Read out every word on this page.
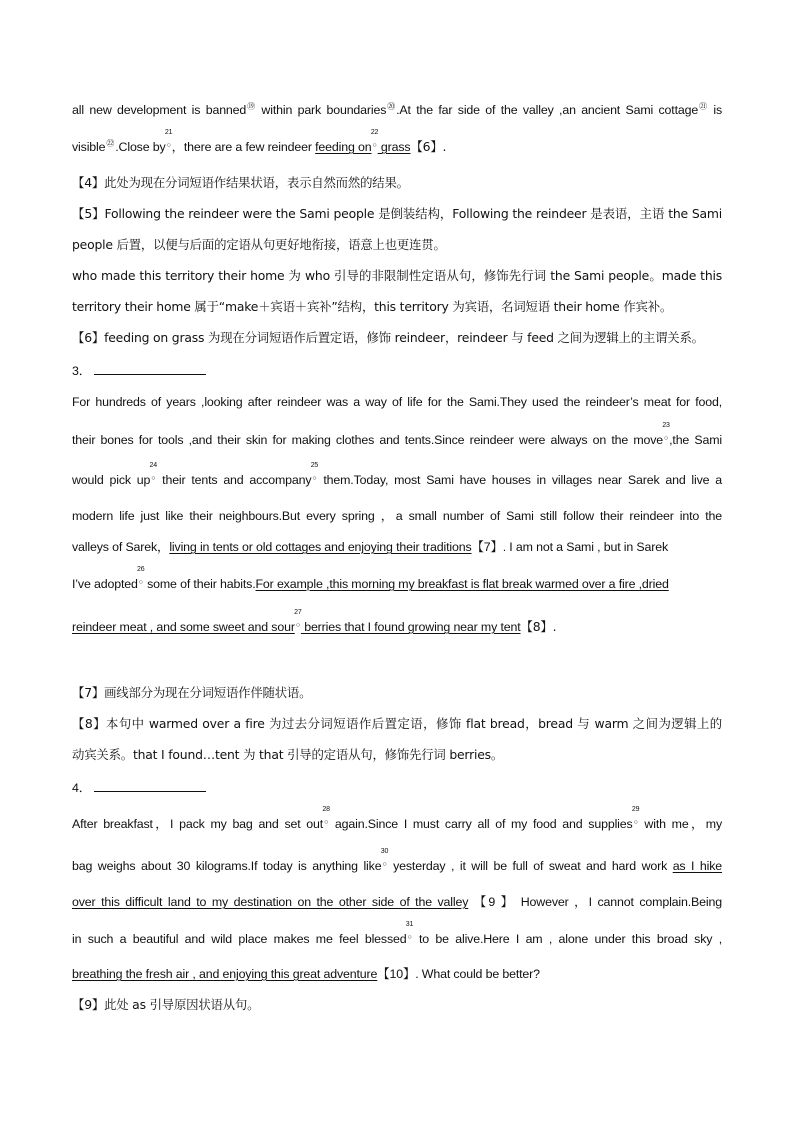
all new development is banned⑲ within park boundaries⑳.At the far side of the valley ,an ancient Sami cottage㉑ is
visible㉒.Close by
21
○，there are a few reindeer feeding on
22
○ grass【6】.
【4】此处为现在分词短语作结果状语，表示自然而然的结果。
【5】Following the reindeer were the Sami people 是倒装结构，Following the reindeer 是表语，主语 the Sami
people 后置，以便与后面的定语从句更好地衔接，语意上也更连贯。
who made this territory their home 为 who 引导的非限制性定语从句，修饰先行词 the Sami people。made this
territory their home 属于“make＋宾语＋宾补”结构，this territory 为宾语，名词短语 their home 作宾补。
【6】feeding on grass 为现在分词短语作后置定语，修饰 reindeer，reindeer 与 feed 之间为逻辑上的主谓关系。
3．
For hundreds of years ,looking after reindeer was a way of life for the Sami.They used the reindeer’s meat for food,
their bones for tools ,and their skin for making clothes and tents.Since reindeer were always on the move
23
○,the Sami
would pick up
24
○ their tents and accompany
25
○ them.Today, most Sami have houses in villages near Sarek and live a
modern life just like their neighbours.But every spring ，a small number of Sami still follow their reindeer into the
valleys of Sarek，living in tents or old cottages and enjoying their traditions【7】. I am not a Sami , but in Sarek
I’ve adopted
26
○ some of their habits.For example ,this morning my breakfast is flat break warmed over a fire ,dried
reindeer meat , and some sweet and sour
27
○ berries that I found growing near my tent【8】.
【7】画线部分为现在分词短语作伴随状语。
【8】本句中 warmed over a fire 为过去分词短语作后置定语，修饰 flat bread，bread 与 warm 之间为逻辑上的
动宾关系。that I found…tent 为 that 引导的定语从句，修饰先行词 berries。
4．
After breakfast，I pack my bag and set out
28
○ again.Since I must carry all of my food and supplies
29
○ with me，my
bag weighs about 30 kilograms.If today is anything like
30
○ yesterday , it will be full of sweat and hard work as I hike
over this difficult land to my destination on the other side of the valley 【9 】 However ，I cannot complain.Being
in such a beautiful and wild place makes me feel blessed
31
○ to be alive.Here I am , alone under this broad sky ,
breathing the fresh air , and enjoying this great adventure【10】. What could be better?
【9】此处 as 引导原因状语从句。
